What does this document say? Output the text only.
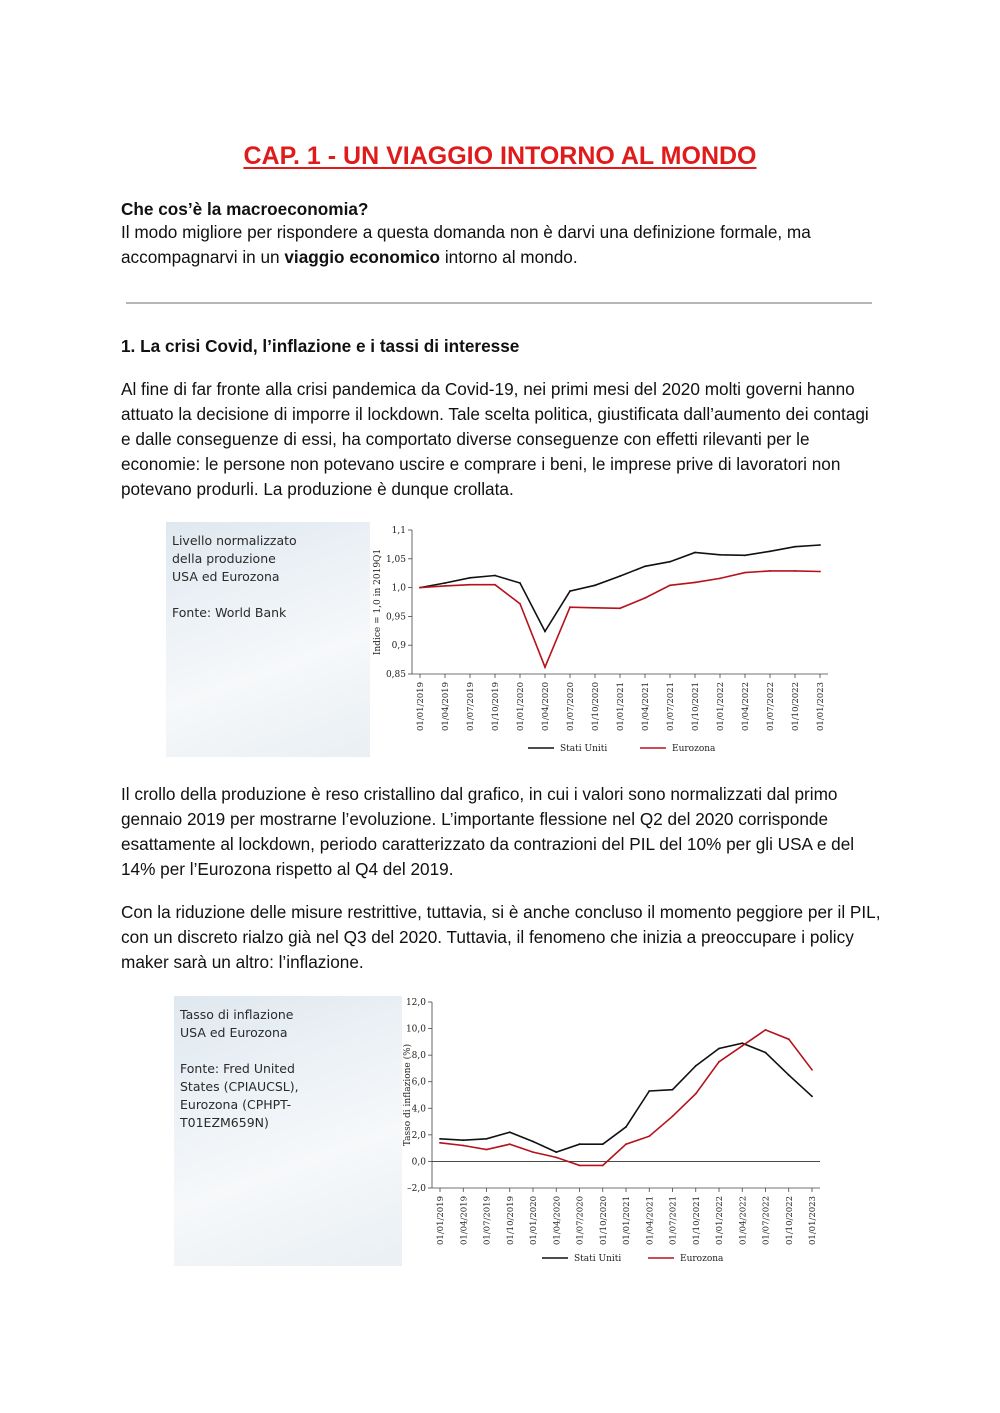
CAP. 1 - UN VIAGGIO INTORNO AL MONDO
Che cos’è la macroeconomia?
Il modo migliore per rispondere a questa domanda non è darvi una definizione formale, ma accompagnarvi in un viaggio economico intorno al mondo.
1. La crisi Covid, l’inflazione e i tassi di interesse
Al fine di far fronte alla crisi pandemica da Covid-19, nei primi mesi del 2020 molti governi hanno attuato la decisione di imporre il lockdown. Tale scelta politica, giustificata dall’aumento dei contagi e dalle conseguenze di essi, ha comportato diverse conseguenze con effetti rilevanti per le economie: le persone non potevano uscire e comprare i beni, le imprese prive di lavoratori non potevano produrli. La produzione è dunque crollata.
Livello normalizzato
della produzione
USA ed Eurozona

Fonte: World Bank
0,85
0,9
0,95
1,0
1,05
1,1
01/01/2019 01/04/2019 01/07/2019 01/10/2019 01/01/2020 01/04/2020 01/07/2020 01/10/2020 01/01/2021 01/04/2021 01/07/2021 01/10/2021 01/01/2022 01/04/2022 01/07/2022 01/10/2022 01/01/2023
Indice = 1,0 in 2019Q1
Stati Uniti	Eurozona
Il crollo della produzione è reso cristallino dal grafico, in cui i valori sono normalizzati dal primo gennaio 2019 per mostrarne l’evoluzione. L’importante flessione nel Q2 del 2020 corrisponde esattamente al lockdown, periodo caratterizzato da contrazioni del PIL del 10% per gli USA e del 14% per l’Eurozona rispetto al Q4 del 2019.
Con la riduzione delle misure restrittive, tuttavia, si è anche concluso il momento peggiore per il PIL, con un discreto rialzo già nel Q3 del 2020. Tuttavia, il fenomeno che inizia a preoccupare i policy maker sarà un altro: l’inflazione.
Tasso di inflazione
USA ed Eurozona

Fonte: Fred United
States (CPIAUCSL),
Eurozona (CPHPT-
T01EZM659N)
–2,0
0,0
2,0
4,0
6,0
8,0
10,0
12,0
01/01/2019 01/04/2019 01/07/2019 01/10/2019 01/01/2020 01/04/2020 01/07/2020 01/10/2020 01/01/2021 01/04/2021 01/07/2021 01/10/2021 01/01/2022 01/04/2022 01/07/2022 01/10/2022 01/01/2023
Tasso di inflazione (%)
Stati Uniti	Eurozona
